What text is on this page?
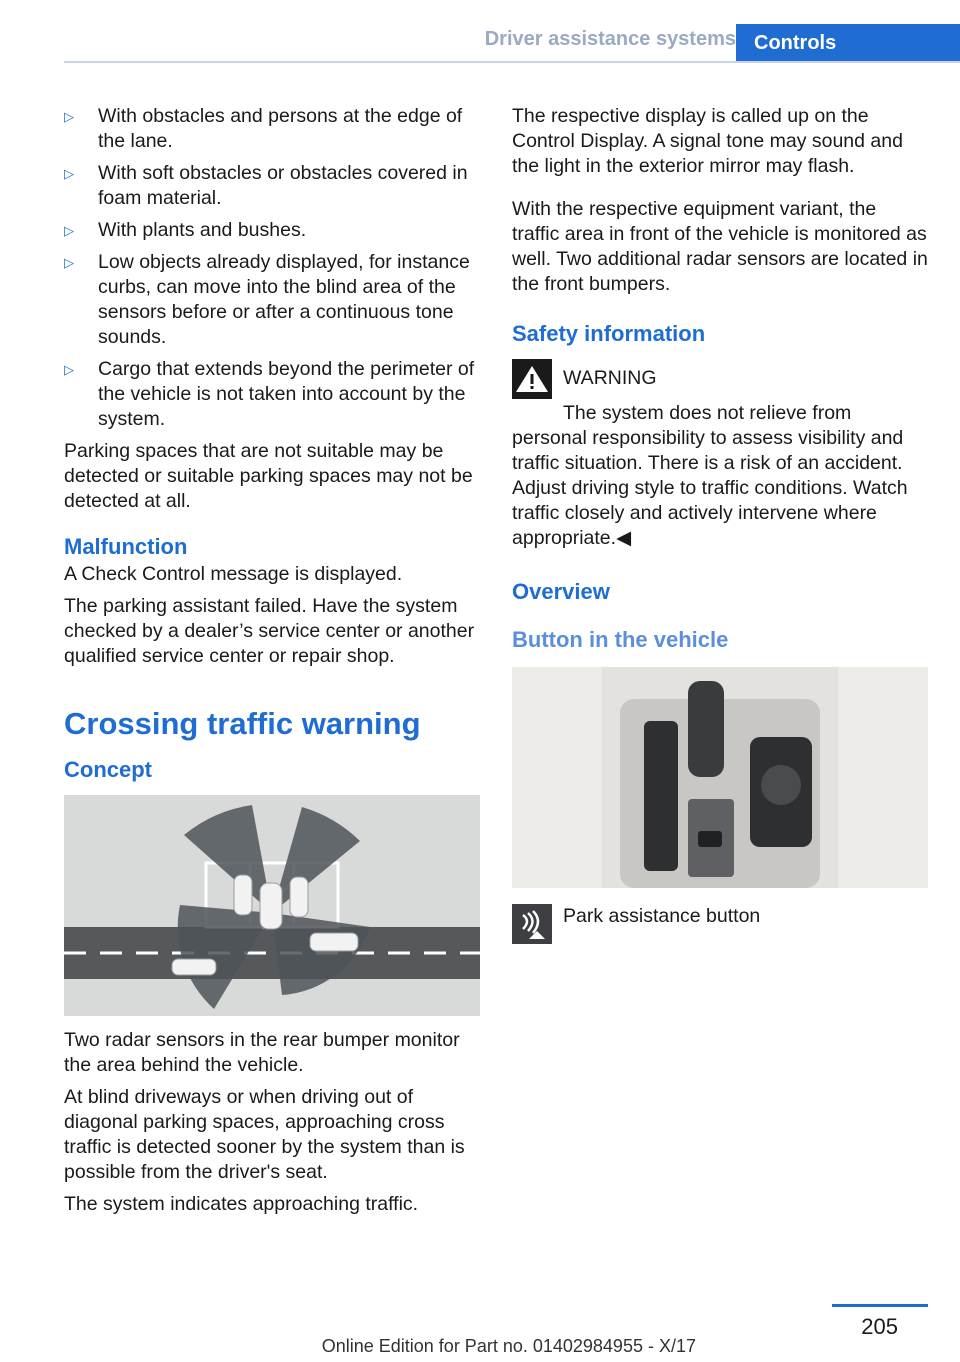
Driver assistance systems Controls
▷	With obstacles and persons at the edge of the lane.
▷	With soft obstacles or obstacles covered in foam material.
▷	With plants and bushes.
▷	Low objects already displayed, for instance curbs, can move into the blind area of the sensors before or after a continuous tone sounds.
▷	Cargo that extends beyond the perimeter of the vehicle is not taken into account by the system.

Parking spaces that are not suitable may be detected or suitable parking spaces may not be detected at all.

Malfunction

A Check Control message is displayed.

The parking assistant failed. Have the system checked by a dealer’s service center or another qualified service center or repair shop.

Crossing traffic warning
Concept

Two radar sensors in the rear bumper monitor the area behind the vehicle.

At blind driveways or when driving out of diagonal parking spaces, approaching cross traffic is detected sooner by the system than is possible from the driver's seat.

The system indicates approaching traffic.

The respective display is called up on the Control Display. A signal tone may sound and the light in the exterior mirror may flash.

With the respective equipment variant, the traffic area in front of the vehicle is monitored as well. Two additional radar sensors are located in the front bumpers.

Safety information
WARNING
The system does not relieve from personal responsibility to assess visibility and traffic situation. There is a risk of an accident. Adjust driving style to traffic conditions. Watch traffic closely and actively intervene where appropriate.◀
Overview
Button in the vehicle
Park assistance button
205
Online Edition for Part no. 01402984955 - X/17
